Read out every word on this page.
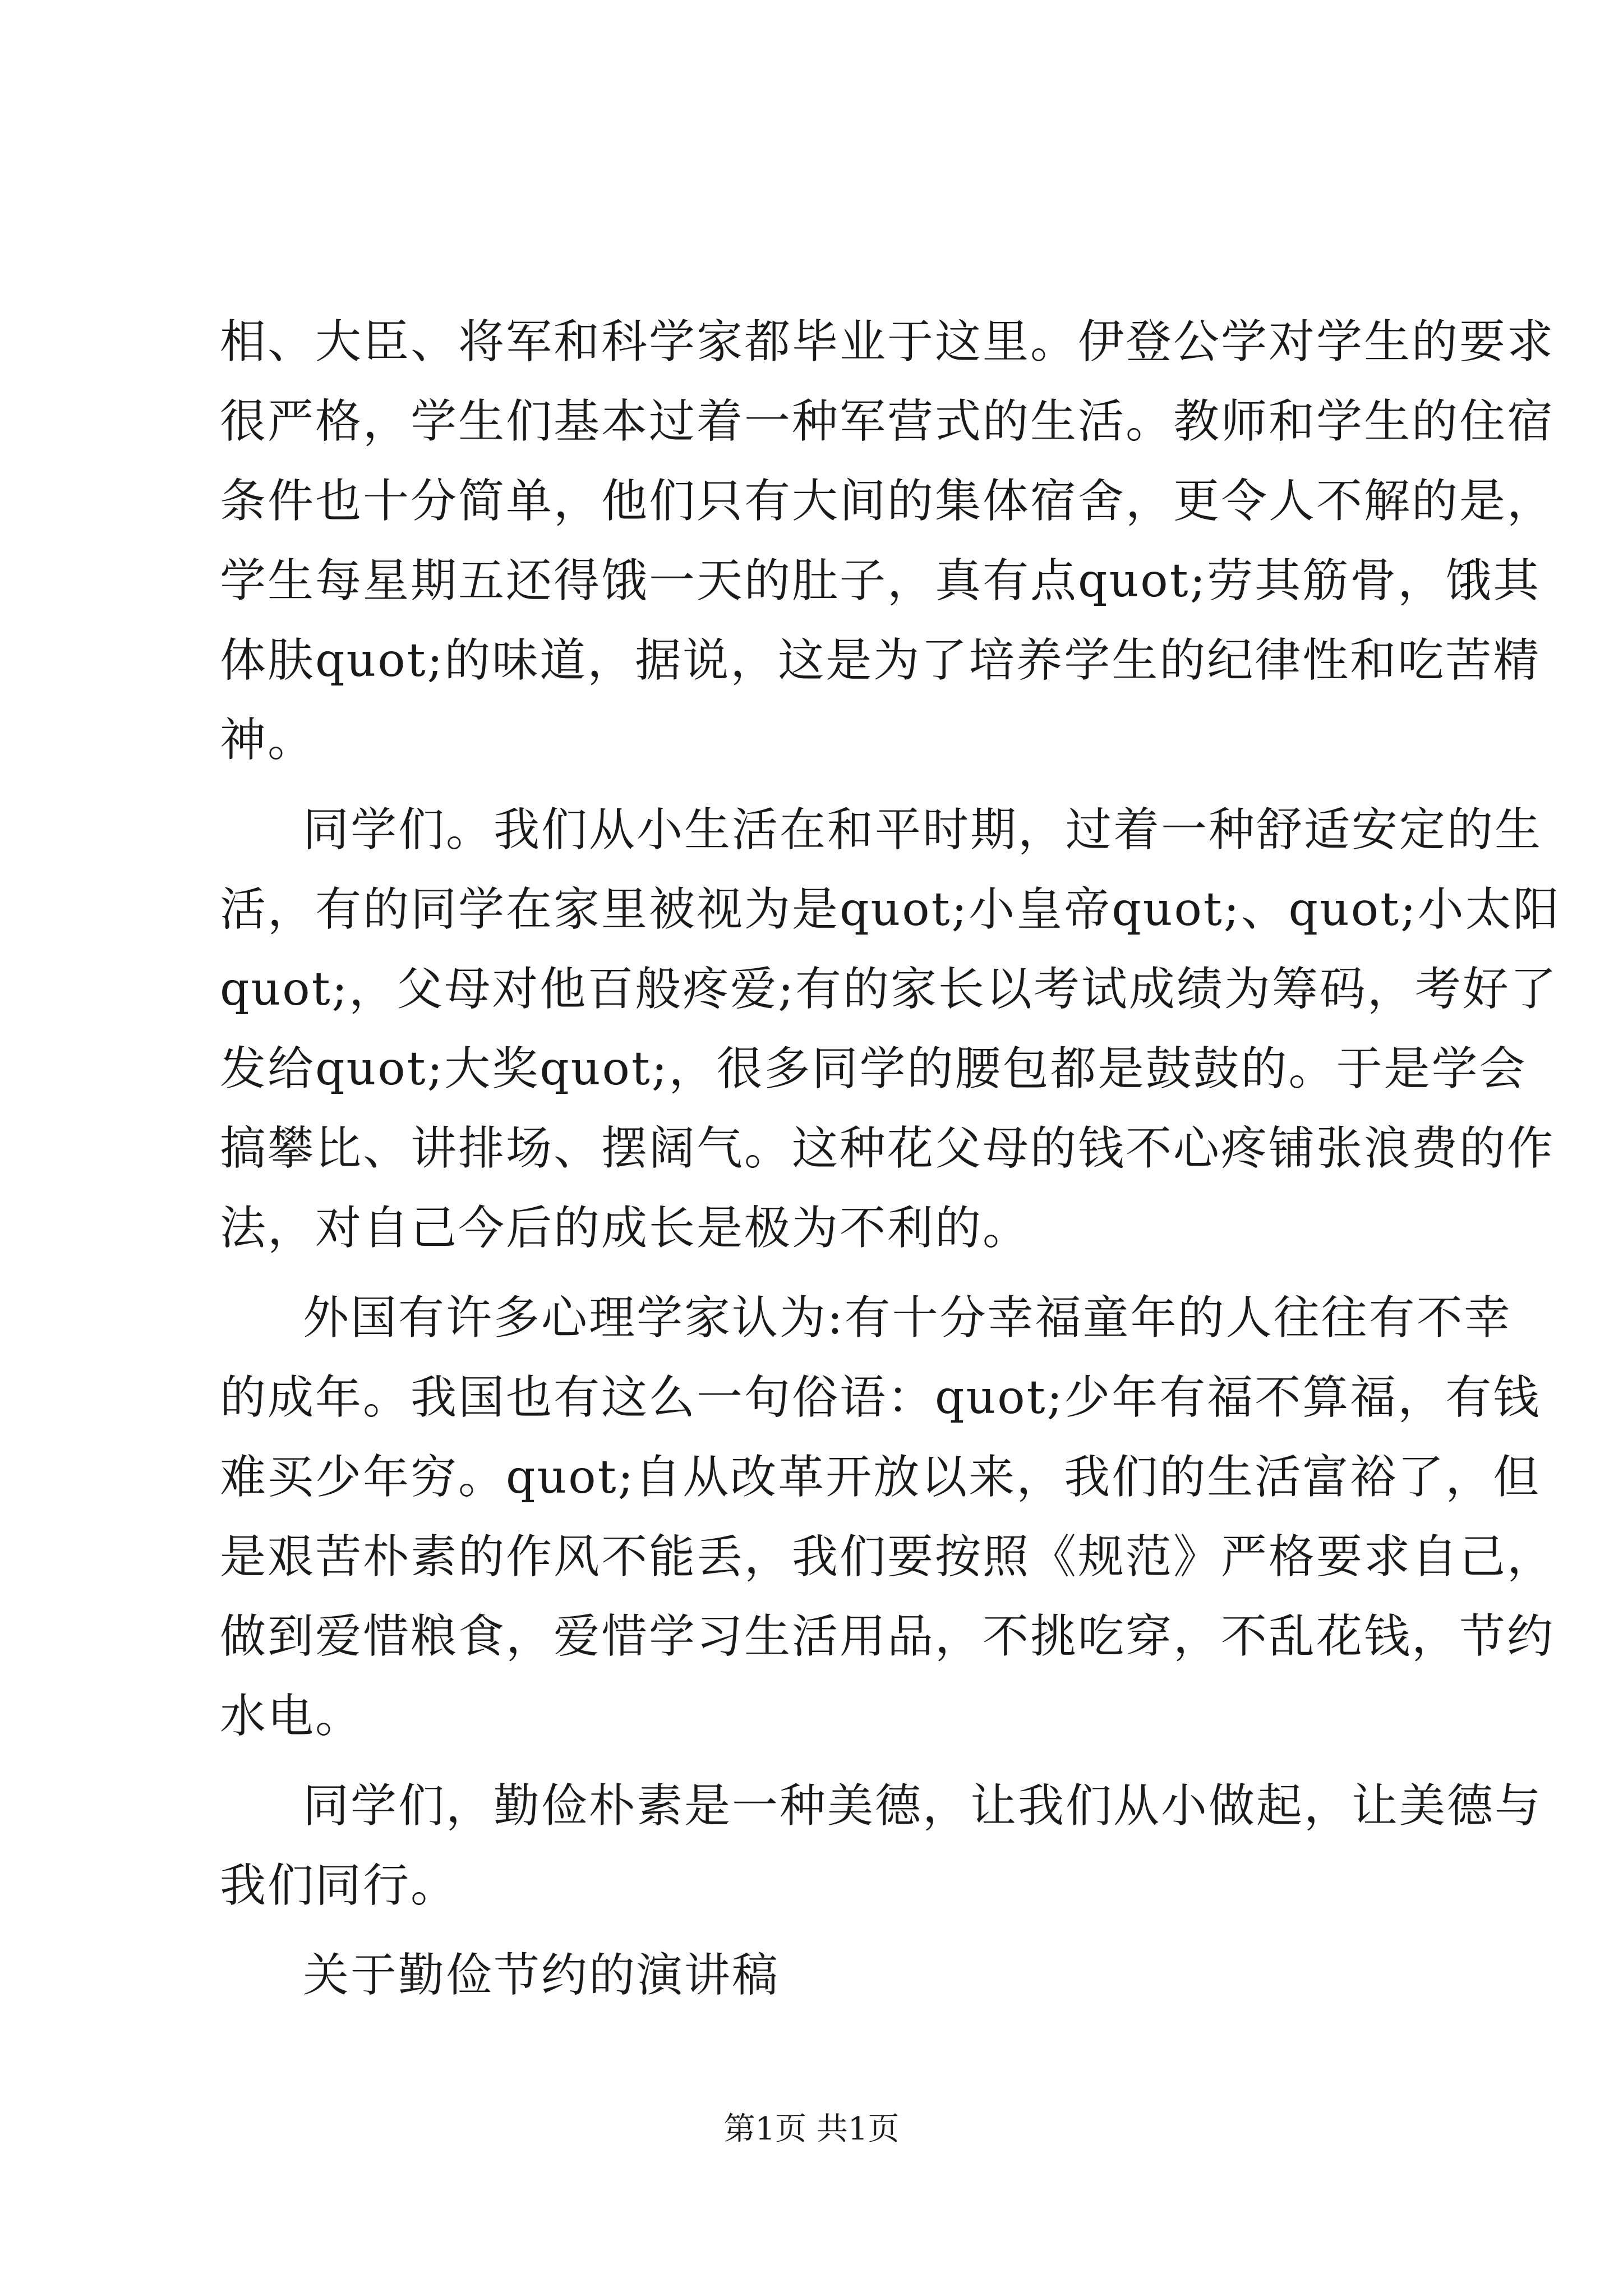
相、大臣、将军和科学家都毕业于这里。伊登公学对学生的要求
很严格，学生们基本过着一种军营式的生活。教师和学生的住宿
条件也十分简单，他们只有大间的集体宿舍，更令人不解的是，
学生每星期五还得饿一天的肚子，真有点quot;劳其筋骨，饿其
体肤quot;的味道，据说，这是为了培养学生的纪律性和吃苦精
神。
同学们。我们从小生活在和平时期，过着一种舒适安定的生
活，有的同学在家里被视为是quot;小皇帝quot;、quot;小太阳
quot;，父母对他百般疼爱;有的家长以考试成绩为筹码，考好了
发给quot;大奖quot;，很多同学的腰包都是鼓鼓的。于是学会
搞攀比、讲排场、摆阔气。这种花父母的钱不心疼铺张浪费的作
法，对自己今后的成长是极为不利的。
外国有许多心理学家认为:有十分幸福童年的人往往有不幸
的成年。我国也有这么一句俗语：quot;少年有福不算福，有钱
难买少年穷。quot;自从改革开放以来，我们的生活富裕了，但
是艰苦朴素的作风不能丢，我们要按照《规范》严格要求自己，
做到爱惜粮食，爱惜学习生活用品，不挑吃穿，不乱花钱，节约
水电。
同学们，勤俭朴素是一种美德，让我们从小做起，让美德与
我们同行。
关于勤俭节约的演讲稿
第1页 共1页
